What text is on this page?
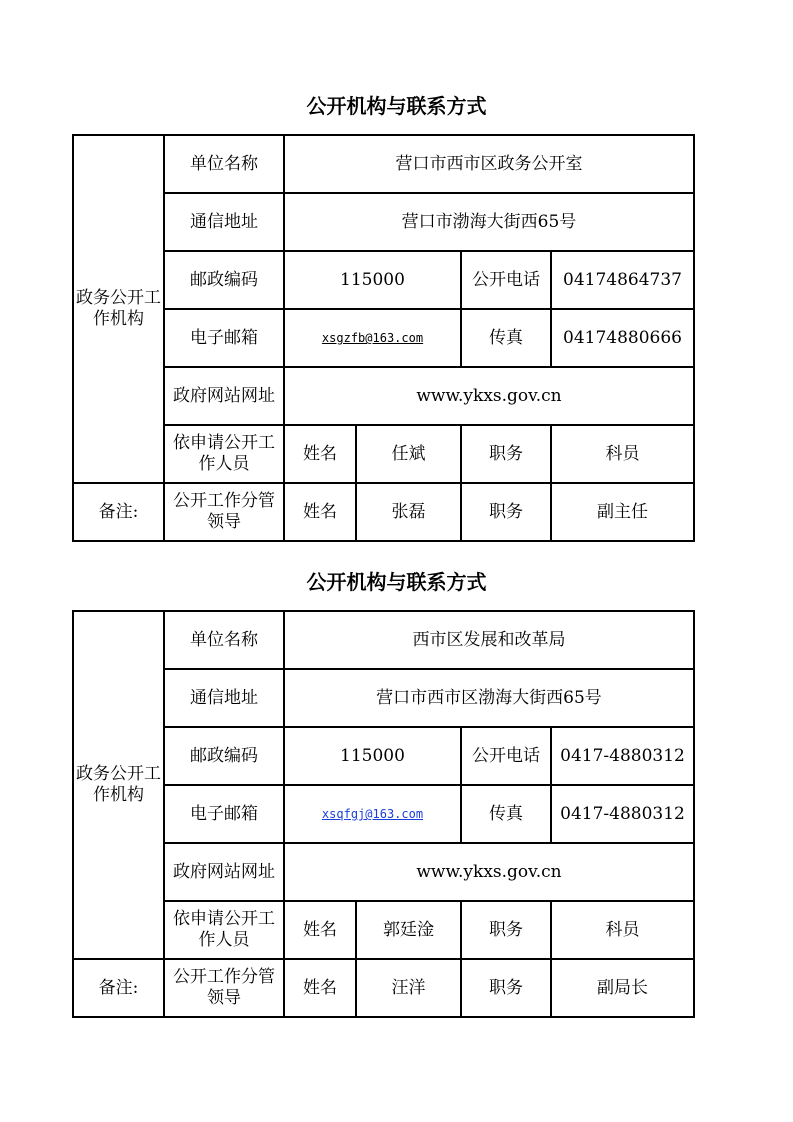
公开机构与联系方式
政务公开工作机构	单位名称	营口市西市区政务公开室			
	通信地址	营口市渤海大街西65号			
	邮政编码	115000		公开电话	04174864737
	电子邮箱	xsgzfb@163.com		传真	04174880666
	政府网站网址	www.ykxs.gov.cn			
	依申请公开工作人员	姓名	任斌	职务	科员
备注:	公开工作分管领导	姓名	张磊	职务	副主任
公开机构与联系方式
政务公开工作机构	单位名称	西市区发展和改革局			
	通信地址	营口市西市区渤海大街西65号			
	邮政编码	115000		公开电话	0417-4880312
	电子邮箱	xsqfgj@163.com		传真	0417-4880312
	政府网站网址	www.ykxs.gov.cn			
	依申请公开工作人员	姓名	郭廷淦	职务	科员
备注:	公开工作分管领导	姓名	汪洋	职务	副局长
